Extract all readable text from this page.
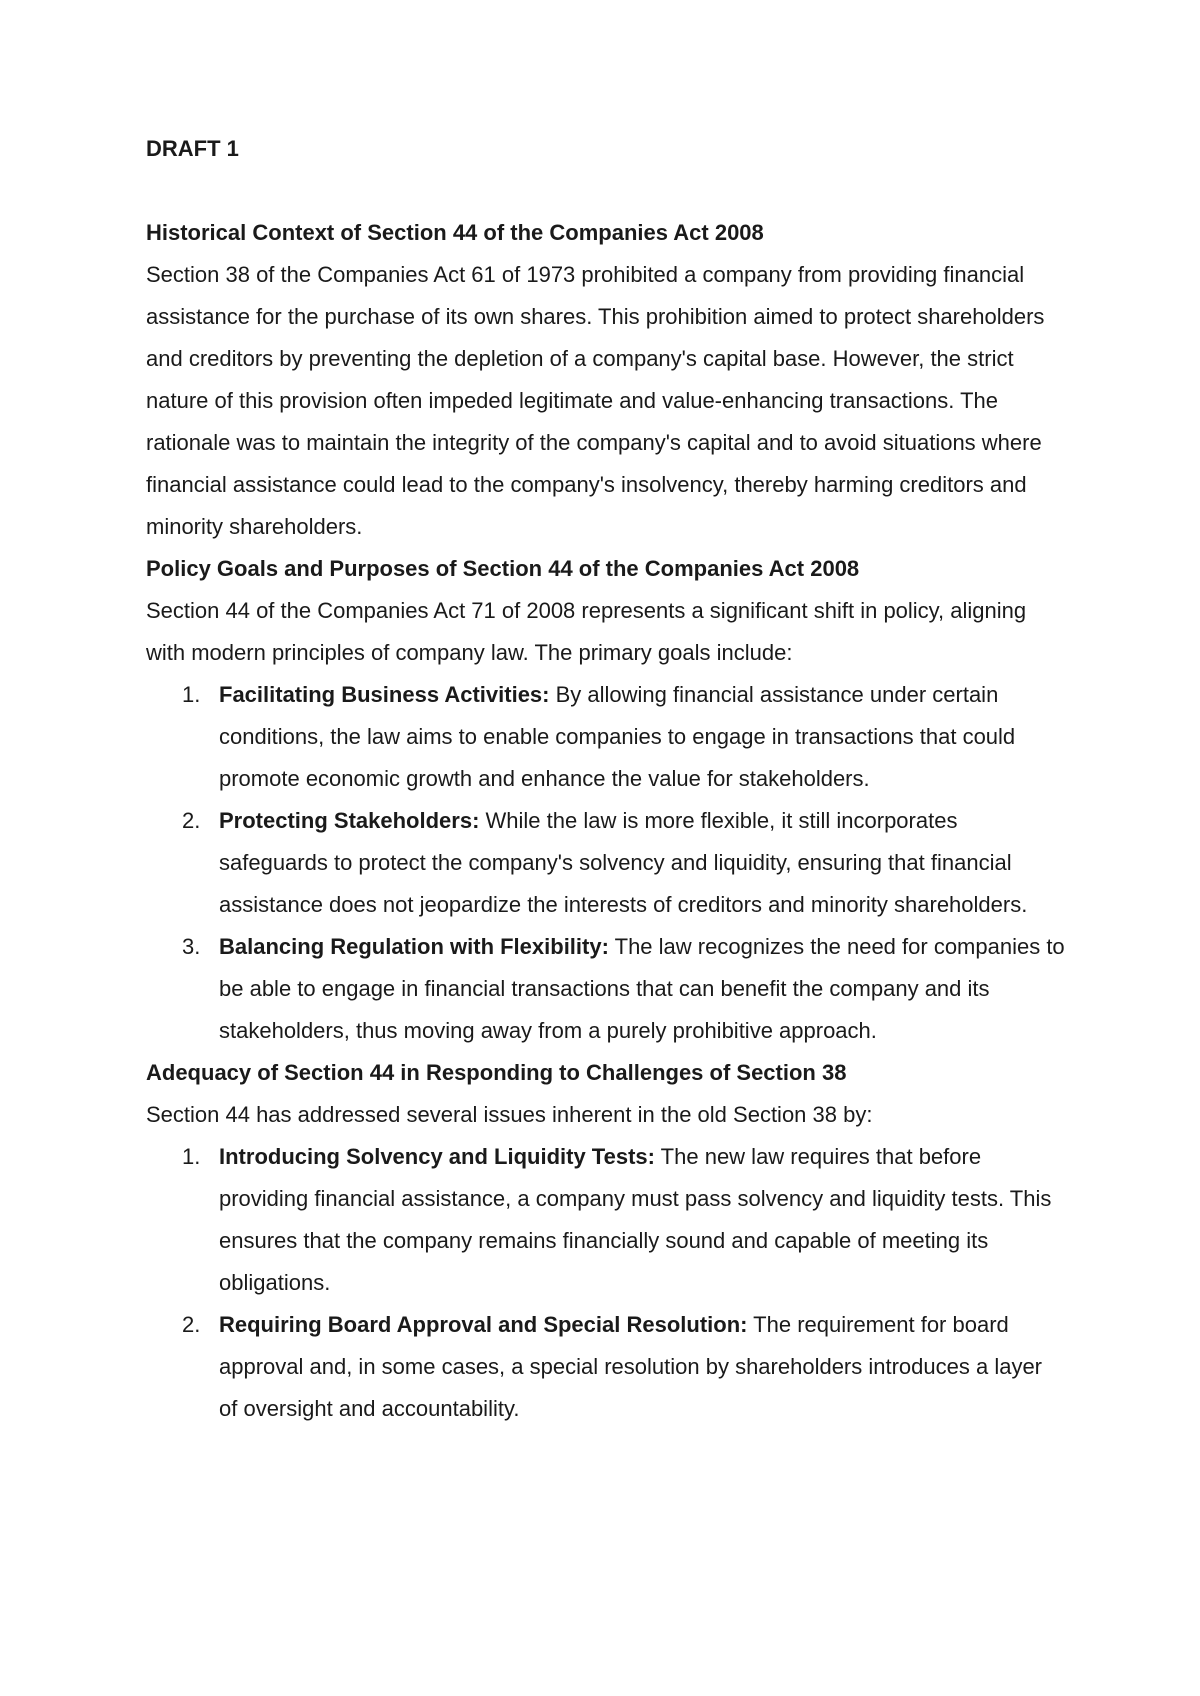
DRAFT 1

Historical Context of Section 44 of the Companies Act 2008

Section 38 of the Companies Act 61 of 1973 prohibited a company from providing financial assistance for the purchase of its own shares. This prohibition aimed to protect shareholders and creditors by preventing the depletion of a company's capital base. However, the strict nature of this provision often impeded legitimate and value-enhancing transactions. The rationale was to maintain the integrity of the company's capital and to avoid situations where financial assistance could lead to the company's insolvency, thereby harming creditors and minority shareholders.

Policy Goals and Purposes of Section 44 of the Companies Act 2008

Section 44 of the Companies Act 71 of 2008 represents a significant shift in policy, aligning with modern principles of company law. The primary goals include:

1. Facilitating Business Activities: By allowing financial assistance under certain conditions, the law aims to enable companies to engage in transactions that could promote economic growth and enhance the value for stakeholders.
2. Protecting Stakeholders: While the law is more flexible, it still incorporates safeguards to protect the company's solvency and liquidity, ensuring that financial assistance does not jeopardize the interests of creditors and minority shareholders.
3. Balancing Regulation with Flexibility: The law recognizes the need for companies to be able to engage in financial transactions that can benefit the company and its stakeholders, thus moving away from a purely prohibitive approach.

Adequacy of Section 44 in Responding to Challenges of Section 38

Section 44 has addressed several issues inherent in the old Section 38 by:

1. Introducing Solvency and Liquidity Tests: The new law requires that before providing financial assistance, a company must pass solvency and liquidity tests. This ensures that the company remains financially sound and capable of meeting its obligations.
2. Requiring Board Approval and Special Resolution: The requirement for board approval and, in some cases, a special resolution by shareholders introduces a layer of oversight and accountability.
